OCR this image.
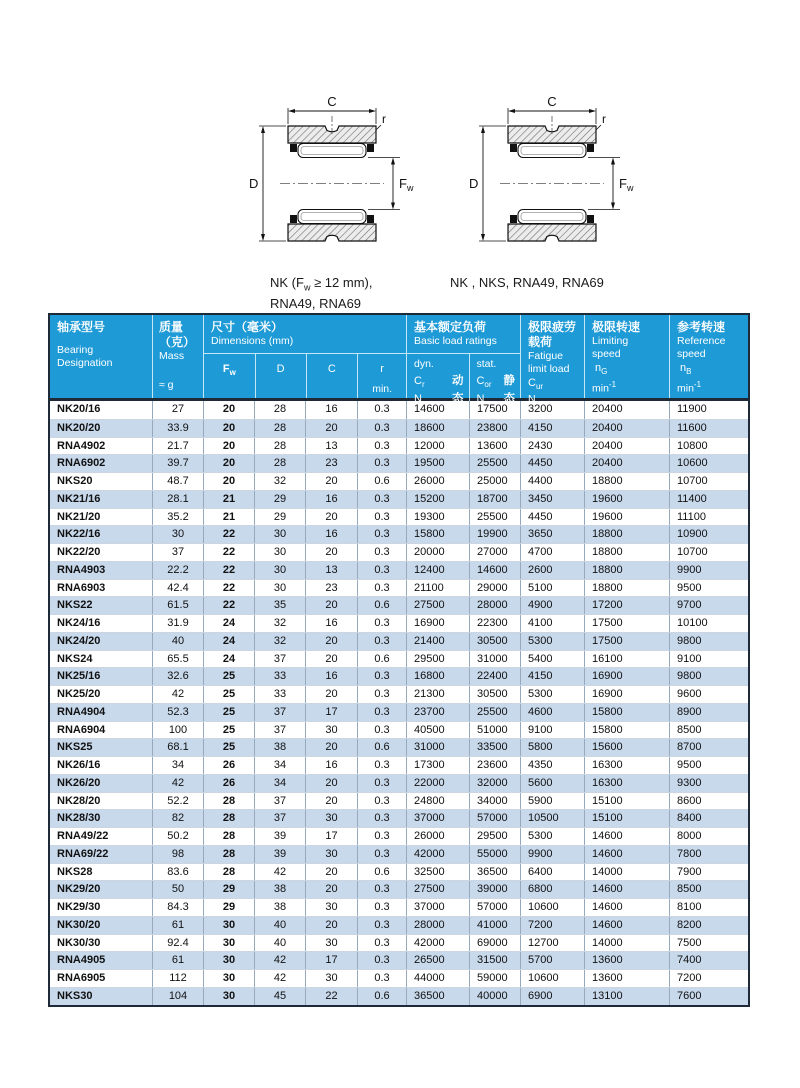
C
D	$F_w$
r
NK ($F_w \ge 12$ mm),
RNA49, RNA69
C
D	$F_w$
r
NK , NKS, RNA49, RNA69
轴承型号
Bearing
Designation
质量
（克）
Mass
≈ g
尺寸（毫米）
Dimensions (mm)
$F_w$	D	C	r
min.
基本额定负荷
Basic load ratings
dyn.
$C_r$ 动
N	态
stat.
$C_{or}$ 静
N 态
极限疲劳
载荷
Fatigue
limit load
$C_{ur}$
N
极限转速
Limiting
speed
$n_G$
$\min^{-1}$
参考转速
Reference
speed
$n_B$
$\min^{-1}$
NK20/16	27	20	28	16	0.3	14600	17500	3200	20400	11900
NK20/20	33.9	20	28	20	0.3	18600	23800	4150	20400	11600
RNA4902	21.7	20	28	13	0.3	12000	13600	2430	20400	10800
RNA6902	39.7	20	28	23	0.3	19500	25500	4450	20400	10600
NKS20	48.7	20	32	20	0.6	26000	25000	4400	18800	10700
NK21/16	28.1	21	29	16	0.3	15200	18700	3450	19600	11400
NK21/20	35.2	21	29	20	0.3	19300	25500	4450	19600	11100
NK22/16	30	22	30	16	0.3	15800	19900	3650	18800	10900
NK22/20	37	22	30	20	0.3	20000	27000	4700	18800	10700
RNA4903	22.2	22	30	13	0.3	12400	14600	2600	18800	9900
RNA6903	42.4	22	30	23	0.3	21100	29000	5100	18800	9500
NKS22	61.5	22	35	20	0.6	27500	28000	4900	17200	9700
NK24/16	31.9	24	32	16	0.3	16900	22300	4100	17500	10100
NK24/20	40	24	32	20	0.3	21400	30500	5300	17500	9800
NKS24	65.5	24	37	20	0.6	29500	31000	5400	16100	9100
NK25/16	32.6	25	33	16	0.3	16800	22400	4150	16900	9800
NK25/20	42	25	33	20	0.3	21300	30500	5300	16900	9600
RNA4904	52.3	25	37	17	0.3	23700	25500	4600	15800	8900
RNA6904	100	25	37	30	0.3	40500	51000	9100	15800	8500
NKS25	68.1	25	38	20	0.6	31000	33500	5800	15600	8700
NK26/16	34	26	34	16	0.3	17300	23600	4350	16300	9500
NK26/20	42	26	34	20	0.3	22000	32000	5600	16300	9300
NK28/20	52.2	28	37	20	0.3	24800	34000	5900	15100	8600
NK28/30	82	28	37	30	0.3	37000	57000	10500	15100	8400
RNA49/22	50.2	28	39	17	0.3	26000	29500	5300	14600	8000
RNA69/22	98	28	39	30	0.3	42000	55000	9900	14600	7800
NKS28	83.6	28	42	20	0.6	32500	36500	6400	14000	7900
NK29/20	50	29	38	20	0.3	27500	39000	6800	14600	8500
NK29/30	84.3	29	38	30	0.3	37000	57000	10600	14600	8100
NK30/20	61	30	40	20	0.3	28000	41000	7200	14600	8200
NK30/30	92.4	30	40	30	0.3	42000	69000	12700	14000	7500
RNA4905	61	30	42	17	0.3	26500	31500	5700	13600	7400
RNA6905	112	30	42	30	0.3	44000	59000	10600	13600	7200
NKS30	104	30	45	22	0.6	36500	40000	6900	13100	7600
